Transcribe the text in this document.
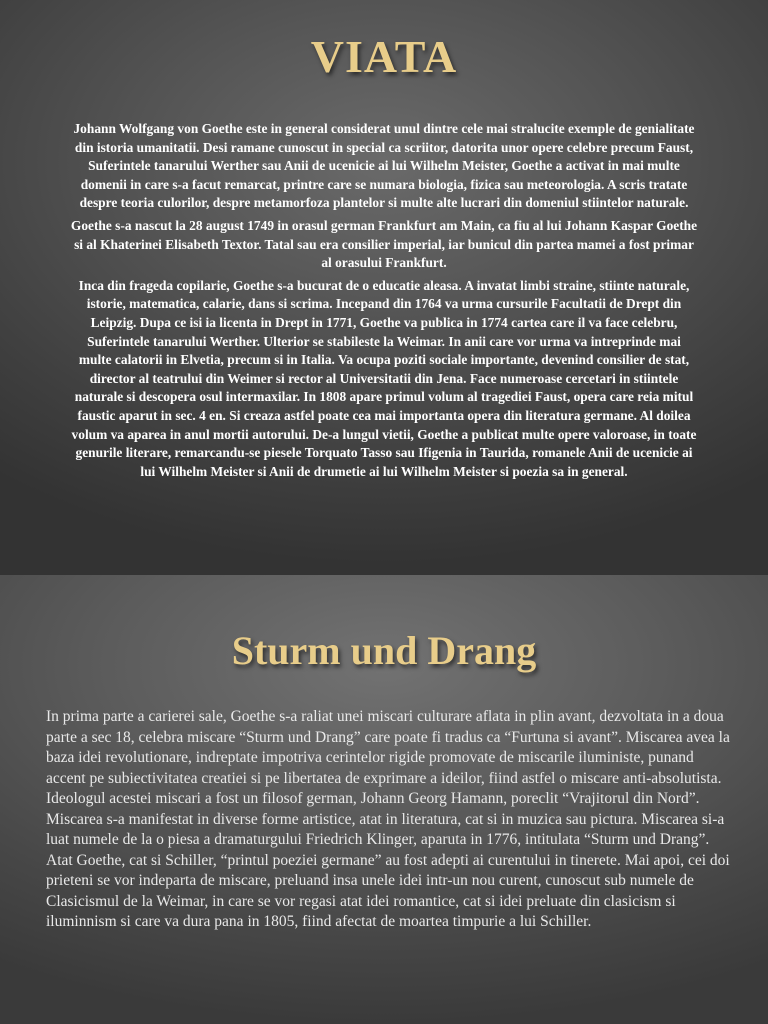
VIATA

Johann Wolfgang von Goethe este in general considerat unul dintre cele mai stralucite exemple de genialitate din istoria umanitatii. Desi ramane cunoscut in special ca scriitor, datorita unor opere celebre precum Faust, Suferintele tanarului Werther sau Anii de ucenicie ai lui Wilhelm Meister, Goethe a activat in mai multe domenii in care s-a facut remarcat, printre care se numara biologia, fizica sau meteorologia. A scris tratate despre teoria culorilor, despre metamorfoza plantelor si multe alte lucrari din domeniul stiintelor naturale.

Goethe s-a nascut la 28 august 1749 in orasul german Frankfurt am Main, ca fiu al lui Johann Kaspar Goethe si al Khaterinei Elisabeth Textor. Tatal sau era consilier imperial, iar bunicul din partea mamei a fost primar al orasului Frankfurt.

Inca din frageda copilarie, Goethe s-a bucurat de o educatie aleasa. A invatat limbi straine, stiinte naturale, istorie, matematica, calarie, dans si scrima. Incepand din 1764 va urma cursurile Facultatii de Drept din Leipzig. Dupa ce isi ia licenta in Drept in 1771, Goethe va publica in 1774 cartea care il va face celebru, Suferintele tanarului Werther. Ulterior se stabileste la Weimar. In anii care vor urma va intreprinde mai multe calatorii in Elvetia, precum si in Italia. Va ocupa poziti sociale importante, devenind consilier de stat, director al teatrului din Weimer si rector al Universitatii din Jena. Face numeroase cercetari in stiintele naturale si descopera osul intermaxilar. In 1808 apare primul volum al tragediei Faust, opera care reia mitul faustic aparut in sec. 4 en. Si creaza astfel poate cea mai importanta opera din literatura germane. Al doilea volum va aparea in anul mortii autorului. De-a lungul vietii, Goethe a publicat multe opere valoroase, in toate genurile literare, remarcandu-se piesele Torquato Tasso sau Ifigenia in Taurida, romanele Anii de ucenicie ai lui Wilhelm Meister si Anii de drumetie ai lui Wilhelm Meister si poezia sa in general.

Sturm und Drang
In prima parte a carierei sale, Goethe s-a raliat unei miscari culturare aflata in plin avant, dezvoltata in a doua parte a sec 18, celebra miscare “Sturm und Drang” care poate fi tradus ca “Furtuna si avant”. Miscarea avea la baza idei revolutionare, indreptate impotriva cerintelor rigide promovate de miscarile iluministe, punand accent pe subiectivitatea creatiei si pe libertatea de exprimare a ideilor, fiind astfel o miscare anti-absolutista. Ideologul acestei miscari a fost un filosof german, Johann Georg Hamann, poreclit “Vrajitorul din Nord”. Miscarea s-a manifestat in diverse forme artistice, atat in literatura, cat si in muzica sau pictura. Miscarea si-a luat numele de la o piesa a dramaturgului Friedrich Klinger, aparuta in 1776, intitulata “Sturm und Drang”. Atat Goethe, cat si Schiller, “printul poeziei germane” au fost adepti ai curentului in tinerete. Mai apoi, cei doi prieteni se vor indeparta de miscare, preluand insa unele idei intr-un nou curent, cunoscut sub numele de Clasicismul de la Weimar, in care se vor regasi atat idei romantice, cat si idei preluate din clasicism si iluminnism si care va dura pana in 1805, fiind afectat de moartea timpurie a lui Schiller.
